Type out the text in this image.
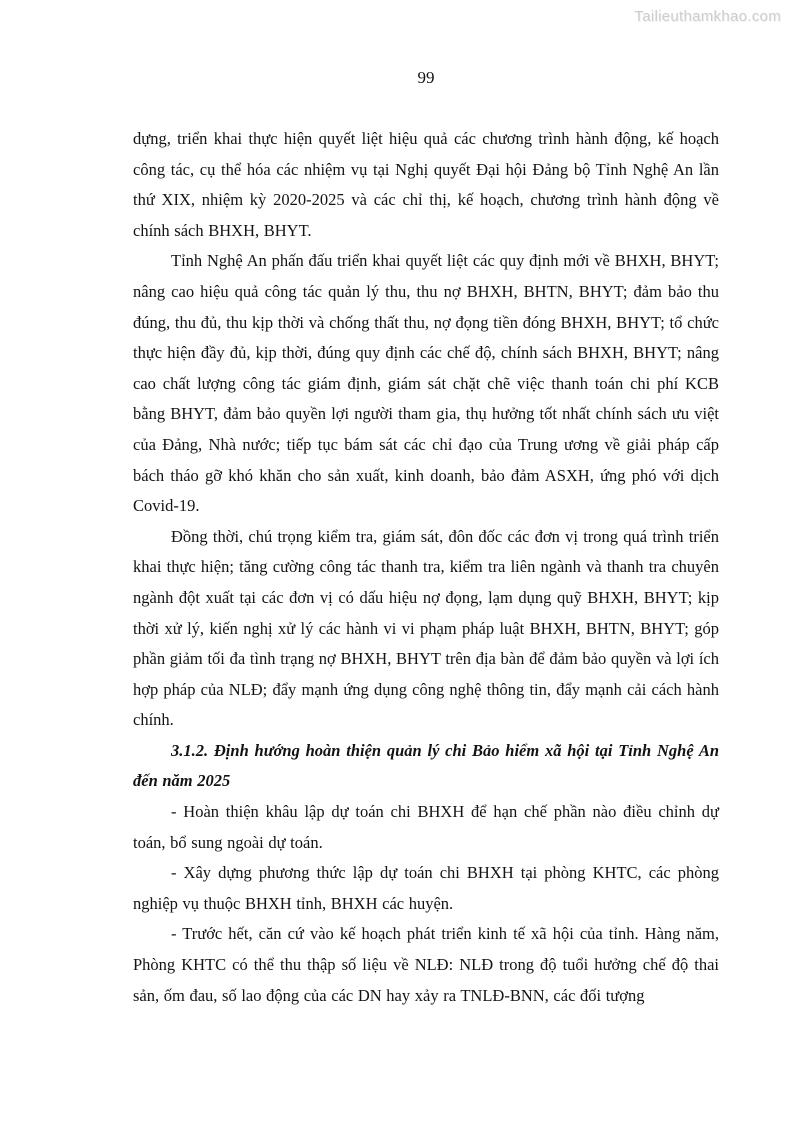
Tailieuthamkhao.com
99

dựng, triển khai thực hiện quyết liệt hiệu quả các chương trình hành động, kế hoạch công tác, cụ thể hóa các nhiệm vụ tại Nghị quyết Đại hội Đảng bộ Tỉnh Nghệ An lần thứ XIX, nhiệm kỳ 2020-2025 và các chỉ thị, kế hoạch, chương trình hành động về chính sách BHXH, BHYT.

Tỉnh Nghệ An phấn đấu triển khai quyết liệt các quy định mới về BHXH, BHYT; nâng cao hiệu quả công tác quản lý thu, thu nợ BHXH, BHTN, BHYT; đảm bảo thu đúng, thu đủ, thu kịp thời và chống thất thu, nợ đọng tiền đóng BHXH, BHYT; tổ chức thực hiện đầy đủ, kịp thời, đúng quy định các chế độ, chính sách BHXH, BHYT; nâng cao chất lượng công tác giám định, giám sát chặt chẽ việc thanh toán chi phí KCB bằng BHYT, đảm bảo quyền lợi người tham gia, thụ hưởng tốt nhất chính sách ưu việt của Đảng, Nhà nước; tiếp tục bám sát các chỉ đạo của Trung ương về giải pháp cấp bách tháo gỡ khó khăn cho sản xuất, kinh doanh, bảo đảm ASXH, ứng phó với dịch Covid-19.

Đồng thời, chú trọng kiểm tra, giám sát, đôn đốc các đơn vị trong quá trình triển khai thực hiện; tăng cường công tác thanh tra, kiểm tra liên ngành và thanh tra chuyên ngành đột xuất tại các đơn vị có dấu hiệu nợ đọng, lạm dụng quỹ BHXH, BHYT; kịp thời xử lý, kiến nghị xử lý các hành vi vi phạm pháp luật BHXH, BHTN, BHYT; góp phần giảm tối đa tình trạng nợ BHXH, BHYT trên địa bàn để đảm bảo quyền và lợi ích hợp pháp của NLĐ; đẩy mạnh ứng dụng công nghệ thông tin, đẩy mạnh cải cách hành chính.

3.1.2. Định hướng hoàn thiện quản lý chi Bảo hiểm xã hội tại Tỉnh Nghệ An đến năm 2025

- Hoàn thiện khâu lập dự toán chi BHXH để hạn chế phần nào điều chỉnh dự toán, bổ sung ngoài dự toán.

- Xây dựng phương thức lập dự toán chi BHXH tại phòng KHTC, các phòng nghiệp vụ thuộc BHXH tỉnh, BHXH các huyện.

- Trước hết, căn cứ vào kế hoạch phát triển kinh tế xã hội của tỉnh. Hàng năm, Phòng KHTC có thể thu thập số liệu về NLĐ: NLĐ trong độ tuổi hưởng chế độ thai sản, ốm đau, số lao động của các DN hay xảy ra TNLĐ-BNN, các đối tượng
